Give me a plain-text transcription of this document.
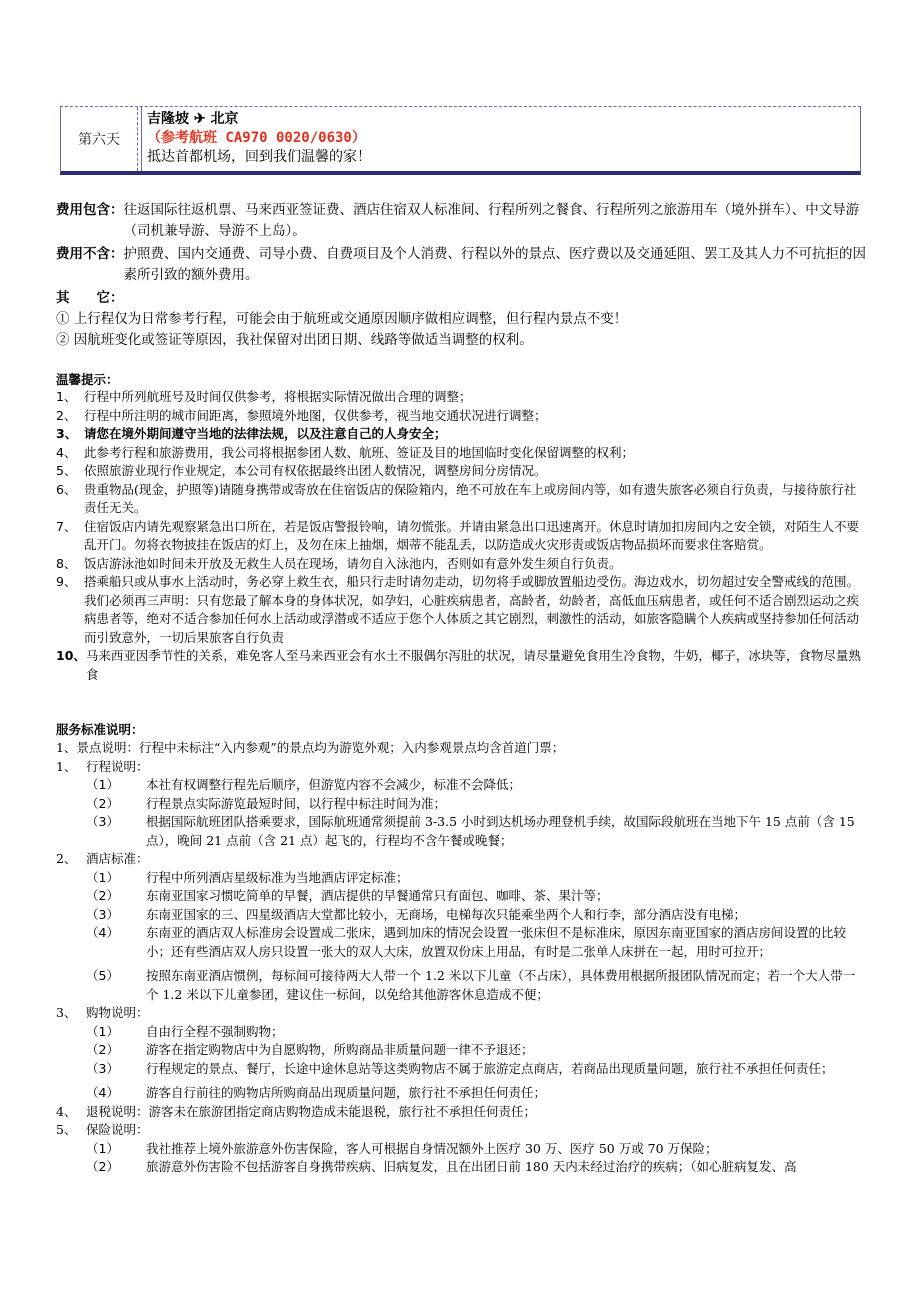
第六天
吉隆坡 ✈ 北京
（参考航班 CA970 0020/0630）
抵达首都机场，回到我们温馨的家！
费用包含： 往返国际往返机票、马来西亚签证费、酒店住宿双人标准间、行程所列之餐食、行程所列之旅游用车（境外拼车）、中文导游（司机兼导游、导游不上岛）。
费用不含： 护照费、国内交通费、司导小费、自费项目及个人消费、行程以外的景点、医疗费以及交通延阻、罢工及其人力不可抗拒的因素所引致的额外费用。
其　　它：
① 上行程仅为日常参考行程，可能会由于航班或交通原因顺序做相应调整，但行程内景点不变！
② 因航班变化或签证等原因，我社保留对出团日期、线路等做适当调整的权利。
温馨提示：
1、 行程中所列航班号及时间仅供参考，将根据实际情况做出合理的调整；
2、 行程中所注明的城市间距离，参照境外地图，仅供参考，视当地交通状况进行调整；
3、 请您在境外期间遵守当地的法律法规，以及注意自己的人身安全；
4、 此参考行程和旅游费用，我公司将根据参团人数、航班、签证及目的地国临时变化保留调整的权利；
5、 依照旅游业现行作业规定，本公司有权依据最终出团人数情况，调整房间分房情况。
6、 贵重物品(现金，护照等)请随身携带或寄放在住宿饭店的保险箱内，绝不可放在车上或房间内等，如有遗失旅客必须自行负责，与接待旅行社责任无关。
7、 住宿饭店内请先观察紧急出口所在，若是饭店警报铃响，请勿慌张。并请由紧急出口迅速离开。休息时请加扣房间内之安全锁，对陌生人不要乱开门。勿将衣物披挂在饭店的灯上，及勿在床上抽烟，烟蒂不能乱丢，以防造成火灾形责或饭店物品损坏而要求住客赔赏。
8、 饭店游泳池如时间未开放及无救生人员在现场，请勿自入泳池内，否则如有意外发生须自行负责。
9、 搭乘船只或从事水上活动时，务必穿上救生衣，船只行走时请勿走动，切勿将手或脚放置船边受伤。海边戏水，切勿超过安全警戒线的范围。我们必须再三声明：只有您最了解本身的身体状况，如孕妇，心脏疾病患者，高龄者，幼龄者，高低血压病患者，或任何不适合剧烈运动之疾病患者等，绝对不适合参加任何水上活动或浮潜或不适应于您个人体质之其它剧烈，刺激性的活动，如旅客隐瞒个人疾病或坚持参加任何活动而引致意外，一切后果旅客自行负责
10、 马来西亚因季节性的关系，难免客人至马来西亚会有水土不服偶尔泻肚的状况，请尽量避免食用生冷食物，牛奶，椰子，冰块等，食物尽量熟食
服务标准说明：
1、景点说明：行程中未标注“入内参观”的景点均为游览外观；入内参观景点均含首道门票；
1、 行程说明：
（1）	本社有权调整行程先后顺序，但游览内容不会减少，标准不会降低；
（2）	行程景点实际游览最短时间，以行程中标注时间为准；
（3）	根据国际航班团队搭乘要求，国际航班通常须提前 3-3.5 小时到达机场办理登机手续，故国际段航班在当地下午 15 点前（含 15 点），晚间 21 点前（含 21 点）起飞的，行程均不含午餐或晚餐；
2、 酒店标准：
（1）	行程中所列酒店星级标准为当地酒店评定标准；
（2）	东南亚国家习惯吃简单的早餐，酒店提供的早餐通常只有面包、咖啡、茶、果汁等；
（3）	东南亚国家的三、四星级酒店大堂都比较小，无商场，电梯每次只能乘坐两个人和行李，部分酒店没有电梯；
（4）	东南亚的酒店双人标准房会设置成二张床，遇到加床的情况会设置一张床但不是标准床，原因东南亚国家的酒店房间设置的比较小；还有些酒店双人房只设置一张大的双人大床，放置双份床上用品，有时是二张单人床拼在一起，用时可拉开；
（5）	按照东南亚酒店惯例，每标间可接待两大人带一个 1.2 米以下儿童（不占床），具体费用根据所报团队情况而定；若一个大人带一个 1.2 米以下儿童参团，建议住一标间，以免给其他游客休息造成不便；
3、 购物说明：
（1）	自由行全程不强制购物；
（2）	游客在指定购物店中为自愿购物，所购商品非质量问题一律不予退还；
（3）	行程规定的景点、餐厅，长途中途休息站等这类购物店不属于旅游定点商店，若商品出现质量问题，旅行社不承担任何责任；
（4）	游客自行前往的购物店所购商品出现质量问题，旅行社不承担任何责任；
4、 退税说明：游客未在旅游团指定商店购物造成未能退税，旅行社不承担任何责任；
5、 保险说明：
（1）	我社推荐上境外旅游意外伤害保险，客人可根据自身情况额外上医疗 30 万、医疗 50 万或 70 万保险；
（2）	旅游意外伤害险不包括游客自身携带疾病、旧病复发，且在出团日前 180 天内未经过治疗的疾病；（如心脏病复发、高
